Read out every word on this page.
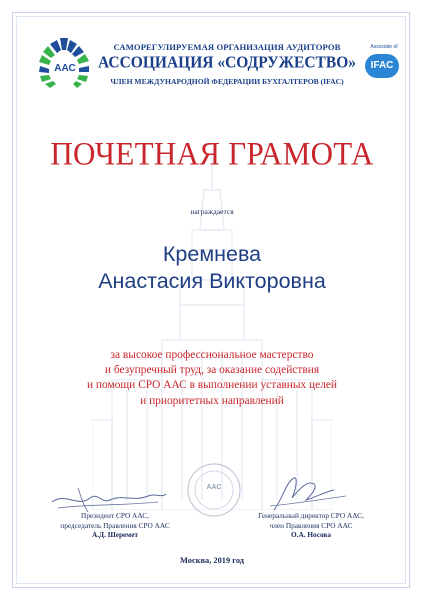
ААС
САМОРЕГУЛИРУЕМАЯ ОРГАНИЗАЦИЯ АУДИТОРОВ
АССОЦИАЦИЯ «СОДРУЖЕСТВО»
ЧЛЕН МЕЖДУНАРОДНОЙ ФЕДЕРАЦИИ БУХГАЛТЕРОВ (IFAC)
Associate of
IFAC
ПОЧЕТНАЯ ГРАМОТА
награждается
Кремнева
Анастасия Викторовна
за высокое профессиональное мастерство
и безупречный труд, за оказание содействия
и помощи СРО ААС в выполнении уставных целей
и приоритетных направлений
ААС
Президент СРО ААС,
председатель Правления СРО ААС
А.Д. Шеремет
Генеральный директор СРО ААС,
член Правления СРО ААС
О.А. Носова
Москва, 2019 год
